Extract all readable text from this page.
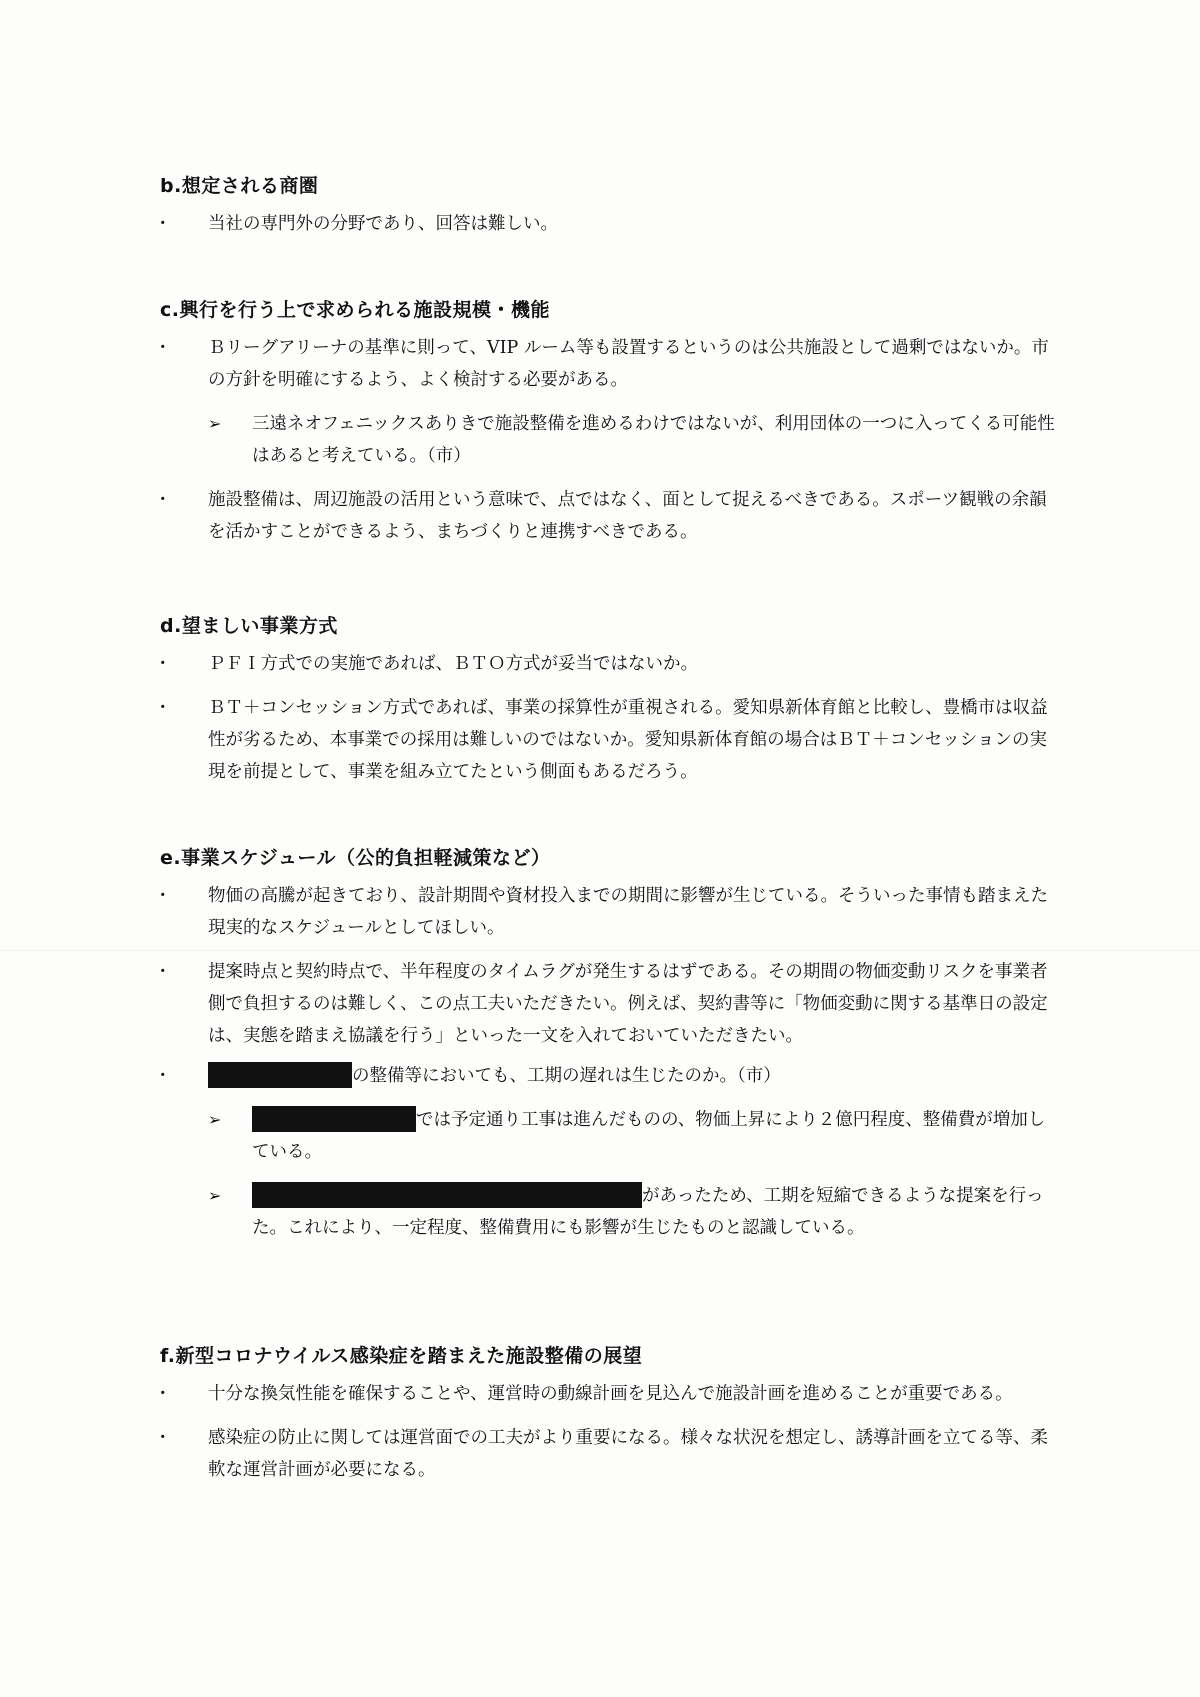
b.想定される商圏

・ 当社の専門外の分野であり、回答は難しい。

c.興行を行う上で求められる施設規模・機能

・ Ｂリーグアリーナの基準に則って、VIP ルーム等も設置するというのは公共施設として過剰ではないか。市の方針を明確にするよう、よく検討する必要がある。

➢ 三遠ネオフェニックスありきで施設整備を進めるわけではないが、利用団体の一つに入ってくる可能性はあると考えている。（市）

・ 施設整備は、周辺施設の活用という意味で、点ではなく、面として捉えるべきである。スポーツ観戦の余韻を活かすことができるよう、まちづくりと連携すべきである。

d.望ましい事業方式

・ ＰＦＩ方式での実施であれば、ＢＴＯ方式が妥当ではないか。

・ ＢＴ＋コンセッション方式であれば、事業の採算性が重視される。愛知県新体育館と比較し、豊橋市は収益性が劣るため、本事業での採用は難しいのではないか。愛知県新体育館の場合はＢＴ＋コンセッションの実現を前提として、事業を組み立てたという側面もあるだろう。

e.事業スケジュール（公的負担軽減策など）

・ 物価の高騰が起きており、設計期間や資材投入までの期間に影響が生じている。そういった事情も踏まえた現実的なスケジュールとしてほしい。

・ 提案時点と契約時点で、半年程度のタイムラグが発生するはずである。その期間の物価変動リスクを事業者側で負担するのは難しく、この点工夫いただきたい。例えば、契約書等に「物価変動に関する基準日の設定は、実態を踏まえ協議を行う」といった一文を入れておいていただきたい。

・ の整備等においても、工期の遅れは生じたのか。（市）

➢	では予定通り工事は進んだものの、物価上昇により２億円程度、整備費が増加している。

➢	があったため、工期を短縮できるような提案を行った。これにより、一定程度、整備費用にも影響が生じたものと認識している。

f.新型コロナウイルス感染症を踏まえた施設整備の展望

・ 十分な換気性能を確保することや、運営時の動線計画を見込んで施設計画を進めることが重要である。

・ 感染症の防止に関しては運営面での工夫がより重要になる。様々な状況を想定し、誘導計画を立てる等、柔軟な運営計画が必要になる。
